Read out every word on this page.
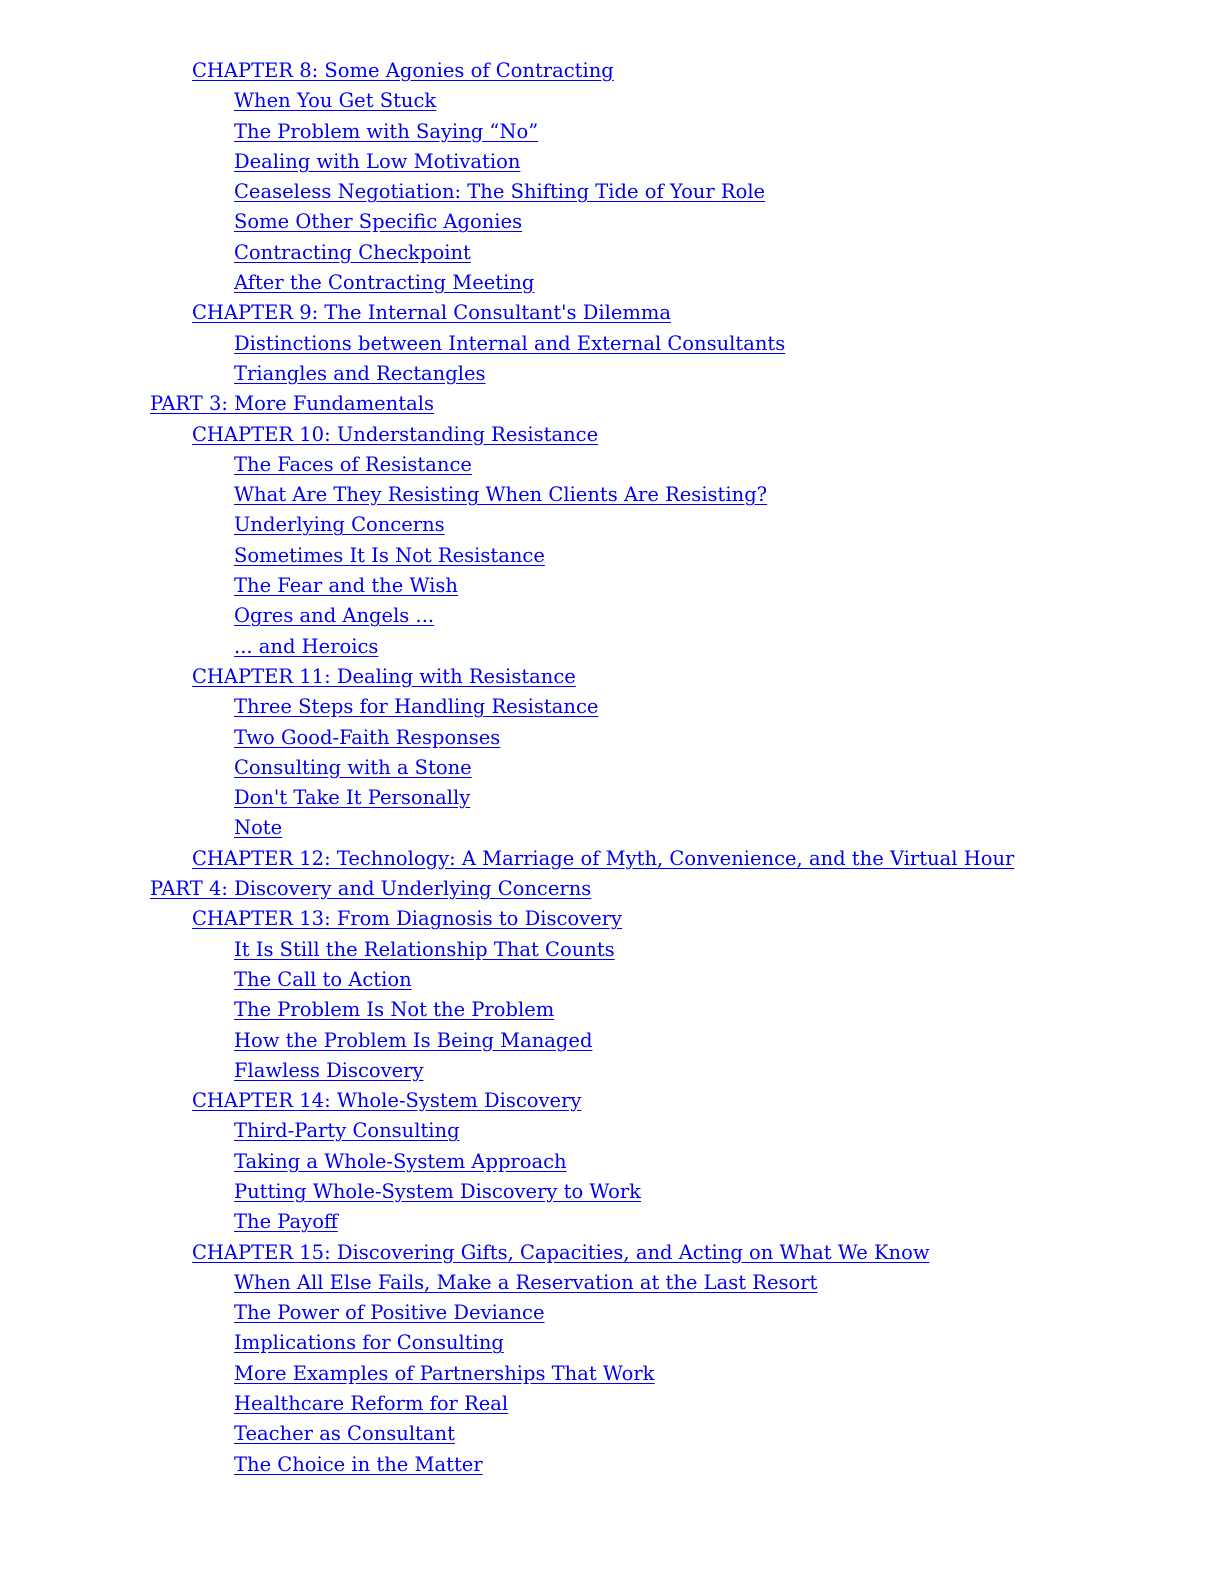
CHAPTER 8: Some Agonies of Contracting
When You Get Stuck
The Problem with Saying “No”
Dealing with Low Motivation
Ceaseless Negotiation: The Shifting Tide of Your Role
Some Other Specific Agonies
Contracting Checkpoint
After the Contracting Meeting
CHAPTER 9: The Internal Consultant's Dilemma
Distinctions between Internal and External Consultants
Triangles and Rectangles
PART 3: More Fundamentals
CHAPTER 10: Understanding Resistance
The Faces of Resistance
What Are They Resisting When Clients Are Resisting?
Underlying Concerns
Sometimes It Is Not Resistance
The Fear and the Wish
Ogres and Angels ...
... and Heroics
CHAPTER 11: Dealing with Resistance
Three Steps for Handling Resistance
Two Good-Faith Responses
Consulting with a Stone
Don't Take It Personally
Note
CHAPTER 12: Technology: A Marriage of Myth, Convenience, and the Virtual Hour
PART 4: Discovery and Underlying Concerns
CHAPTER 13: From Diagnosis to Discovery
It Is Still the Relationship That Counts
The Call to Action
The Problem Is Not the Problem
How the Problem Is Being Managed
Flawless Discovery
CHAPTER 14: Whole-System Discovery
Third-Party Consulting
Taking a Whole-System Approach
Putting Whole-System Discovery to Work
The Payoff
CHAPTER 15: Discovering Gifts, Capacities, and Acting on What We Know
When All Else Fails, Make a Reservation at the Last Resort
The Power of Positive Deviance
Implications for Consulting
More Examples of Partnerships That Work
Healthcare Reform for Real
Teacher as Consultant
The Choice in the Matter
